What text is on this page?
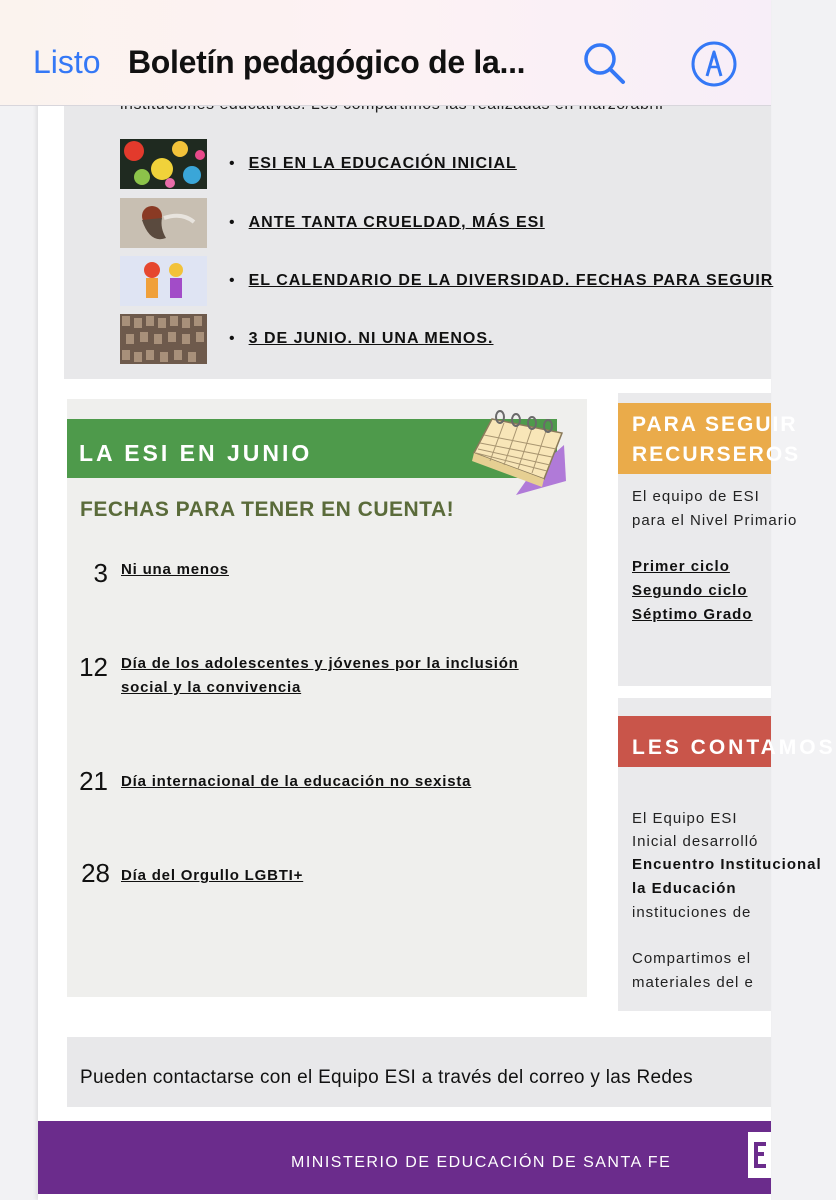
Listo Boletín pedagógico de la...
• ESI EN LA EDUCACIÓN INICIAL
• ANTE TANTA CRUELDAD, MÁS ESI
• EL CALENDARIO DE LA DIVERSIDAD. FECHAS PARA SEGUIR
• 3 DE JUNIO. NI UNA MENOS.
LA ESI EN JUNIO
FECHAS PARA TENER EN CUENTA!
3 Ni una menos
12 Día de los adolescentes y jóvenes por la inclusión
social y la convivencia
21 Día internacional de la educación no sexista
28 Día del Orgullo LGBTI+
PARA SEGUIR
RECURSEROS
El equipo de ESI
para el Nivel Primario
Primer ciclo
Segundo ciclo
Séptimo Grado
LES CONTAMOS
El Equipo ESI
Inicial desarrolló
Encuentro Institucional
la Educación
instituciones de
Compartimos el
materiales del e
Pueden contactarse con el Equipo ESI a través del correo y las Redes
MINISTERIO DE EDUCACIÓN DE SANTA FE
